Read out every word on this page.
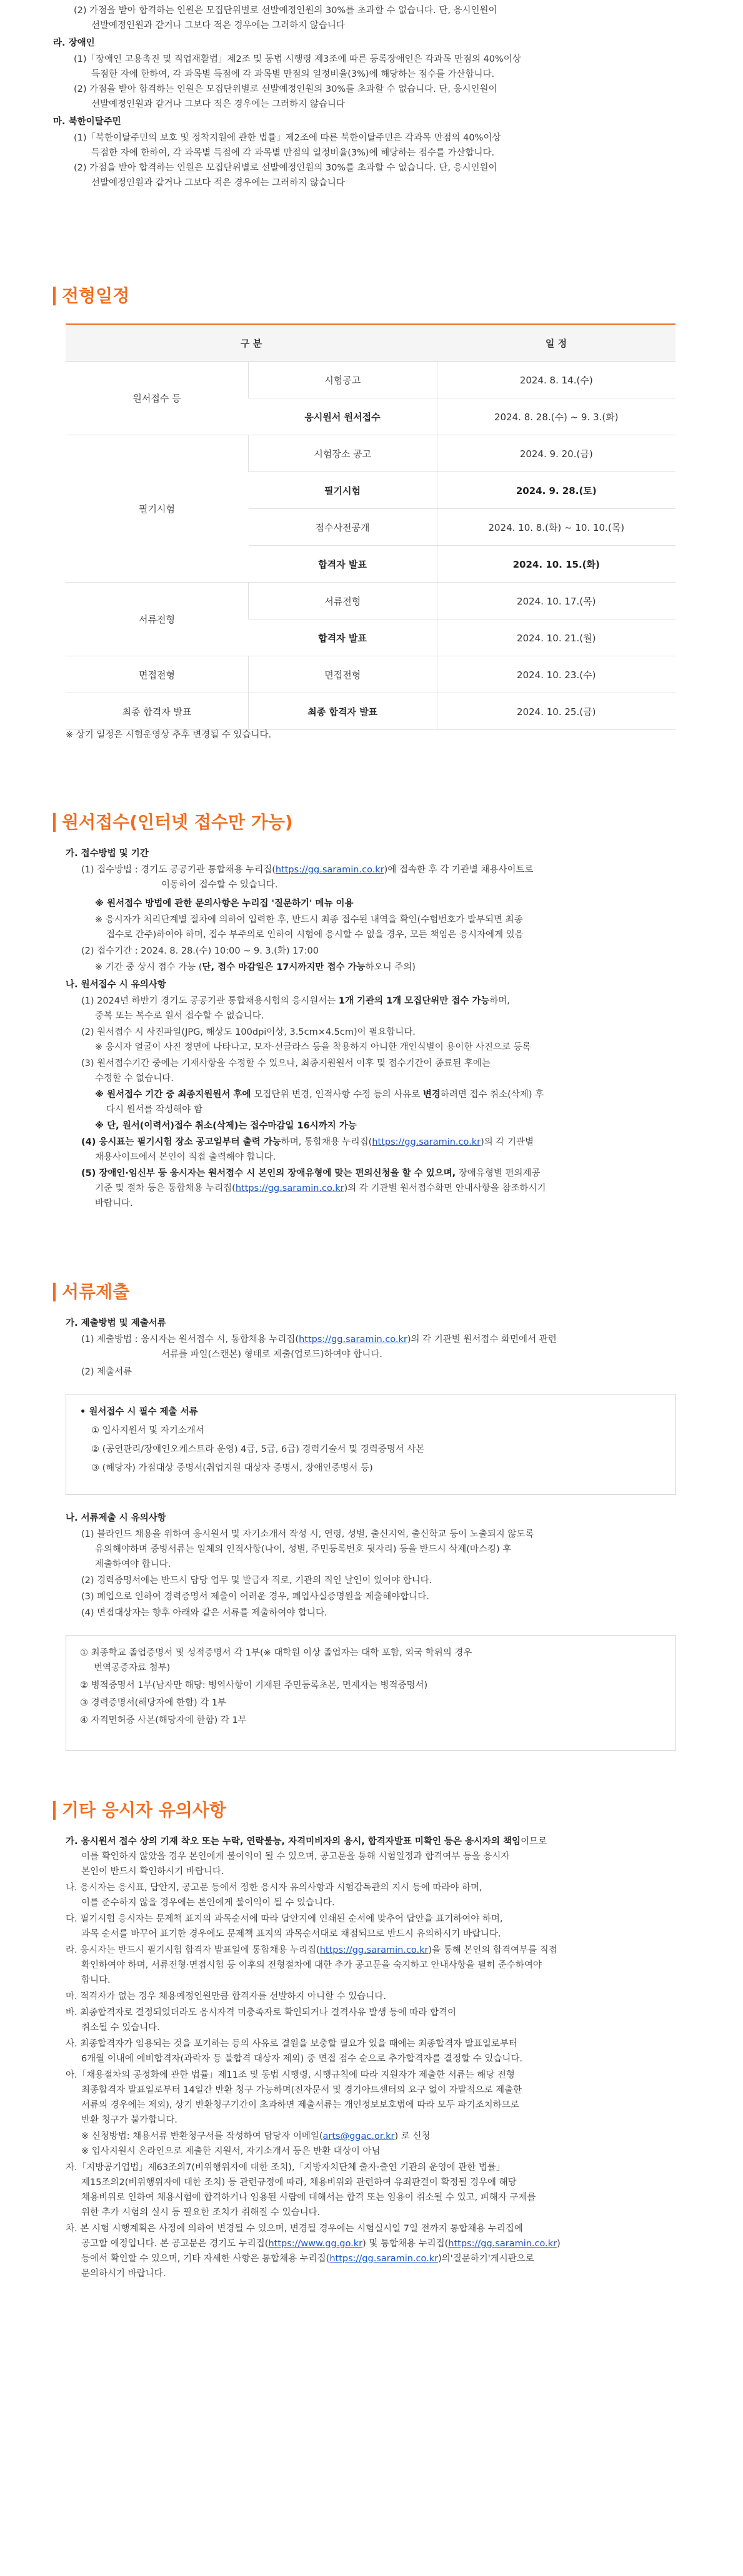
(2) 가점을 받아 합격하는 인원은 모집단위별로 선발예정인원의 30%를 초과할 수 없습니다. 단, 응시인원이
선발예정인원과 같거나 그보다 적은 경우에는 그러하지 않습니다
라. 장애인
(1)「장애인 고용촉진 및 직업재활법」제2조 및 동법 시행령 제3조에 따른 등록장애인은 각과목 만점의 40%이상
득점한 자에 한하여, 각 과목별 득점에 각 과목별 만점의 일정비율(3%)에 해당하는 점수를 가산합니다.
(2) 가점을 받아 합격하는 인원은 모집단위별로 선발예정인원의 30%를 초과할 수 없습니다. 단, 응시인원이
선발예정인원과 같거나 그보다 적은 경우에는 그러하지 않습니다
마. 북한이탈주민
(1)「북한이탈주민의 보호 및 정착지원에 관한 법률」제2조에 따른 북한이탈주민은 각과목 만점의 40%이상
득점한 자에 한하여, 각 과목별 득점에 각 과목별 만점의 일정비율(3%)에 해당하는 점수를 가산합니다.
(2) 가점을 받아 합격하는 인원은 모집단위별로 선발예정인원의 30%를 초과할 수 없습니다. 단, 응시인원이
선발예정인원과 같거나 그보다 적은 경우에는 그러하지 않습니다
전형일정
구 분		일 정
원서접수 등	시험공고	2024. 8. 14.(수)
	응시원서 원서접수	2024. 8. 28.(수) ~ 9. 3.(화)
필기시험	시험장소 공고	2024. 9. 20.(금)
	필기시험	2024. 9. 28.(토)
	점수사전공개	2024. 10. 8.(화) ~ 10. 10.(목)
	합격자 발표	2024. 10. 15.(화)
서류전형	서류전형	2024. 10. 17.(목)
	합격자 발표	2024. 10. 21.(월)
면접전형	면접전형	2024. 10. 23.(수)
최종 합격자 발표	최종 합격자 발표	2024. 10. 25.(금)
※ 상기 일정은 시험운영상 추후 변경될 수 있습니다.
원서접수(인터넷 접수만 가능)
가. 접수방법 및 기간
(1) 접수방법 : 경기도 공공기관 통합채용 누리집(https://gg.saramin.co.kr)에 접속한 후 각 기관별 채용사이트로
이동하여 접수할 수 있습니다.
※ 원서접수 방법에 관한 문의사항은 누리집 '질문하기' 메뉴 이용
※ 응시자가 처리단계별 절차에 의하여 입력한 후, 반드시 최종 접수된 내역을 확인(수험번호가 발부되면 최종
접수로 간주)하여야 하며, 접수 부주의로 인하여 시험에 응시할 수 없을 경우, 모든 책임은 응시자에게 있음
(2) 접수기간 : 2024. 8. 28.(수) 10:00 ~ 9. 3.(화) 17:00
※ 기간 중 상시 접수 가능 (단, 접수 마감일은 17시까지만 접수 가능하오니 주의)
나. 원서접수 시 유의사항
(1) 2024년 하반기 경기도 공공기관 통합채용시험의 응시원서는 1개 기관의 1개 모집단위만 접수 가능하며,
중복 또는 복수로 원서 접수할 수 없습니다.
(2) 원서접수 시 사진파일(JPG, 해상도 100dpi이상, 3.5cm×4.5cm)이 필요합니다.
※ 응시자 얼굴이 사진 정면에 나타나고, 모자·선글라스 등을 착용하지 아니한 개인식별이 용이한 사진으로 등록
(3) 원서접수기간 중에는 기재사항을 수정할 수 있으나, 최종지원원서 이후 및 접수기간이 종료된 후에는
수정할 수 없습니다.
※ 원서접수 기간 중 최종지원원서 후에 모집단위 변경, 인적사항 수정 등의 사유로 변경하려면 접수 취소(삭제) 후
다시 원서를 작성해야 함
※ 단, 원서(이력서)접수 취소(삭제)는 접수마감일 16시까지 가능
(4) 응시표는 필기시험 장소 공고일부터 출력 가능하며, 통합채용 누리집(https://gg.saramin.co.kr)의 각 기관별
채용사이트에서 본인이 직접 출력해야 합니다.
(5) 장애인·임신부 등 응시자는 원서접수 시 본인의 장애유형에 맞는 편의신청을 할 수 있으며, 장애유형별 편의제공
기준 및 절차 등은 통합채용 누리집(https://gg.saramin.co.kr)의 각 기관별 원서접수화면 안내사항을 참조하시기
바랍니다.
서류제출
가. 제출방법 및 제출서류
(1) 제출방법 : 응시자는 원서접수 시, 통합채용 누리집(https://gg.saramin.co.kr)의 각 기관별 원서접수 화면에서 관련
서류를 파일(스캔본) 형태로 제출(업로드)하여야 합니다.
(2) 제출서류
• 원서접수 시 필수 제출 서류
① 입사지원서 및 자기소개서
② (공연관리/장애인오케스트라 운영) 4급, 5급, 6급) 경력기술서 및 경력증명서 사본
③ (해당자) 가점대상 증명서(취업지원 대상자 증명서, 장애인증명서 등)
나. 서류제출 시 유의사항
(1) 블라인드 채용을 위하여 응시원서 및 자기소개서 작성 시, 연령, 성별, 출신지역, 출신학교 등이 노출되지 않도록
유의해야하며 증빙서류는 일체의 인적사항(나이, 성별, 주민등록번호 뒷자리) 등을 반드시 삭제(마스킹) 후
제출하여야 합니다.
(2) 경력증명서에는 반드시 담당 업무 및 발급자 직로, 기관의 직인 날인이 있어야 합니다.
(3) 폐업으로 인하여 경력증명서 제출이 어려운 경우, 폐업사실증명원을 제출해야합니다.
(4) 면접대상자는 향후 아래와 같은 서류를 제출하여야 합니다.
① 최종학교 졸업증명서 및 성적증명서 각 1부(※ 대학원 이상 졸업자는 대학 포함, 외국 학위의 경우
번역공증자료 첨부)
② 병적증명서 1부(남자만 해당: 병역사항이 기재된 주민등록초본, 면제자는 병적증명서)
③ 경력증명서(해당자에 한함) 각 1부
④ 자격면허증 사본(해당자에 한함) 각 1부
기타 응시자 유의사항
가. 응시원서 접수 상의 기재 착오 또는 누락, 연락불능, 자격미비자의 응시, 합격자발표 미확인 등은 응시자의 책임이므로
이를 확인하지 않았을 경우 본인에게 불이익이 될 수 있으며, 공고문을 통해 시험일정과 합격여부 등을 응시자
본인이 반드시 확인하시기 바랍니다.
나. 응시자는 응시표, 답안지, 공고문 등에서 정한 응시자 유의사항과 시험감독관의 지시 등에 따라야 하며,
이를 준수하지 않을 경우에는 본인에게 불이익이 될 수 있습니다.
다. 필기시험 응시자는 문제책 표지의 과목순서에 따라 답안지에 인쇄된 순서에 맞추어 답안을 표기하여야 하며,
과목 순서를 바꾸어 표기한 경우에도 문제책 표지의 과목순서대로 채점되므로 반드시 유의하시기 바랍니다.
라. 응시자는 반드시 필기시험 합격자 발표일에 통합채용 누리집(https://gg.saramin.co.kr)을 통해 본인의 합격여부를 직접
확인하여야 하며, 서류전형·면접시험 등 이후의 전형절차에 대한 추가 공고문을 숙지하고 안내사항을 필히 준수하여야
합니다.
마. 적격자가 없는 경우 채용예정인원만큼 합격자를 선발하지 아니할 수 있습니다.
바. 최종합격자로 결정되었더라도 응시자격 미충족자로 확인되거나 결격사유 발생 등에 따라 합격이
취소될 수 있습니다.
사. 최종합격자가 임용되는 것을 포기하는 등의 사유로 결원을 보충할 필요가 있을 때에는 최종합격자 발표일로부터
6개월 이내에 예비합격자(과락자 등 불합격 대상자 제외) 중 면접 점수 순으로 추가합격자를 결정할 수 있습니다.
아.「채용절차의 공정화에 관한 법률」제11조 및 동법 시행령, 시행규칙에 따라 지원자가 제출한 서류는 해당 전형
최종합격자 발표일로부터 14일간 반환 청구 가능하며(전자문서 및 경기아트센터의 요구 없이 자발적으로 제출한
서류의 경우에는 제외), 상기 반환청구기간이 초과하면 제출서류는 개인정보보호법에 따라 모두 파기조치하므로
반환 청구가 불가합니다.
※ 신청방법: 채용서류 반환청구서를 작성하여 담당자 이메일(arts@ggac.or.kr) 로 신청
※ 입사지원시 온라인으로 제출한 지원서, 자기소개서 등은 반환 대상이 아님
자.「지방공기업법」제63조의7(비위행위자에 대한 조치),「지방자치단체 출자·출연 기관의 운영에 관한 법률」
제15조의2(비위행위자에 대한 조치) 등 관련규정에 따라, 채용비위와 관련하여 유죄판결이 확정될 경우에 해당
채용비위로 인하여 채용시험에 합격하거나 임용된 사람에 대해서는 합격 또는 임용이 취소될 수 있고, 피해자 구제를
위한 추가 시험의 실시 등 필요한 조치가 취해질 수 있습니다.
차. 본 시험 시행계획은 사정에 의하여 변경될 수 있으며, 변경될 경우에는 시험실시일 7일 전까지 통합채용 누리집에
공고할 예정입니다. 본 공고문은 경기도 누리집(https://www.gg.go.kr) 및 통합채용 누리집(https://gg.saramin.co.kr)
등에서 확인할 수 있으며, 기타 자세한 사항은 통합채용 누리집(https://gg.saramin.co.kr)의'질문하기'게시판으로
문의하시기 바랍니다.
